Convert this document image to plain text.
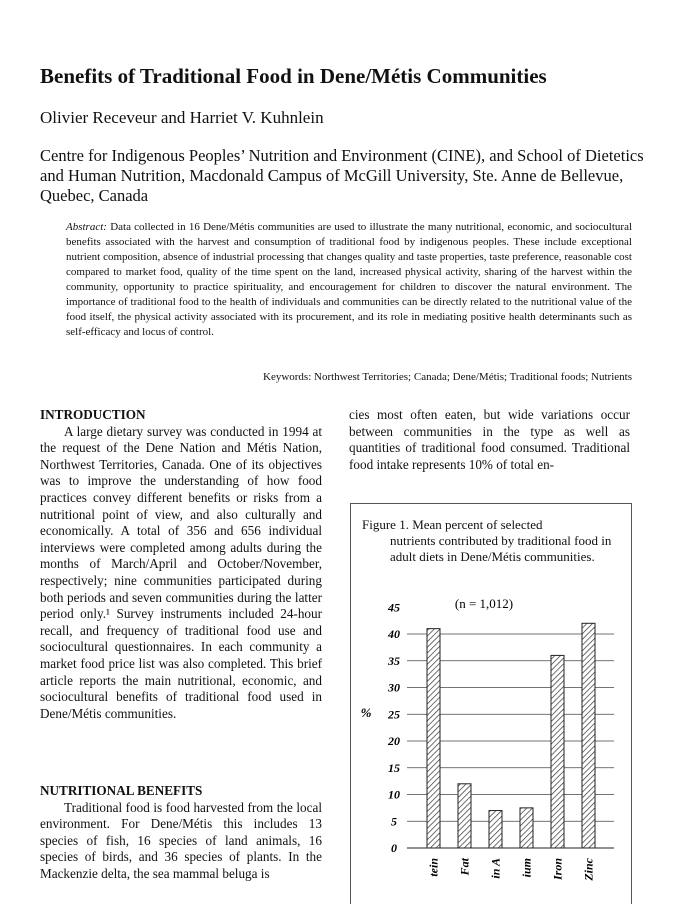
Benefits of Traditional Food in Dene/Métis Communities

Olivier Receveur and Harriet V. Kuhnlein

Centre for Indigenous Peoples’ Nutrition and Environment (CINE), and School of Dietetics and Human Nutrition, Macdonald Campus of McGill University, Ste. Anne de Bellevue, Quebec, Canada

Abstract: Data collected in 16 Dene/Métis communities are used to illustrate the many nutritional, economic, and sociocultural benefits associated with the harvest and consumption of traditional food by indigenous peoples. These include exceptional nutrient composition, absence of industrial processing that changes quality and taste properties, taste preference, reasonable cost compared to market food, quality of the time spent on the land, increased physical activity, sharing of the harvest within the community, opportunity to practice spirituality, and encouragement for children to discover the natural environment. The importance of traditional food to the health of individuals and communities can be directly related to the nutritional value of the food itself, the physical activity associated with its procurement, and its role in mediating positive health determinants such as self-efficacy and locus of control.

Keywords: Northwest Territories; Canada; Dene/Métis; Traditional foods; Nutrients

INTRODUCTION

A large dietary survey was conducted in 1994 at the request of the Dene Nation and Métis Nation, Northwest Territories, Canada. One of its objectives was to improve the understanding of how food practices convey different benefits or risks from a nutritional point of view, and also culturally and economically. A total of 356 and 656 individual interviews were completed among adults during the months of March/April and October/November, respectively; nine communities participated during both periods and seven communities during the latter period only.¹ Survey instruments included 24-hour recall, and frequency of traditional food use and sociocultural questionnaires. In each community a market food price list was also completed. This brief article reports the main nutritional, economic, and sociocultural benefits of traditional food used in Dene/Métis communities.

NUTRITIONAL BENEFITS

Traditional food is food harvested from the local environment. For Dene/Métis this includes 13 species of fish, 16 species of land animals, 16 species of birds, and 36 species of plants. In the Mackenzie delta, the sea mammal beluga is

cies most often eaten, but wide variations occur between communities in the type as well as quantities of traditional food consumed. Traditional food intake represents 10% of total en-

Figure 1. Mean percent of selected
nutrients contributed by traditional food in adult diets in Dene/Métis communities.

0
5
10
15
20
25
30
35
40
45
tein Fat in A ium Iron Zinc
(n = 1,012)
%
